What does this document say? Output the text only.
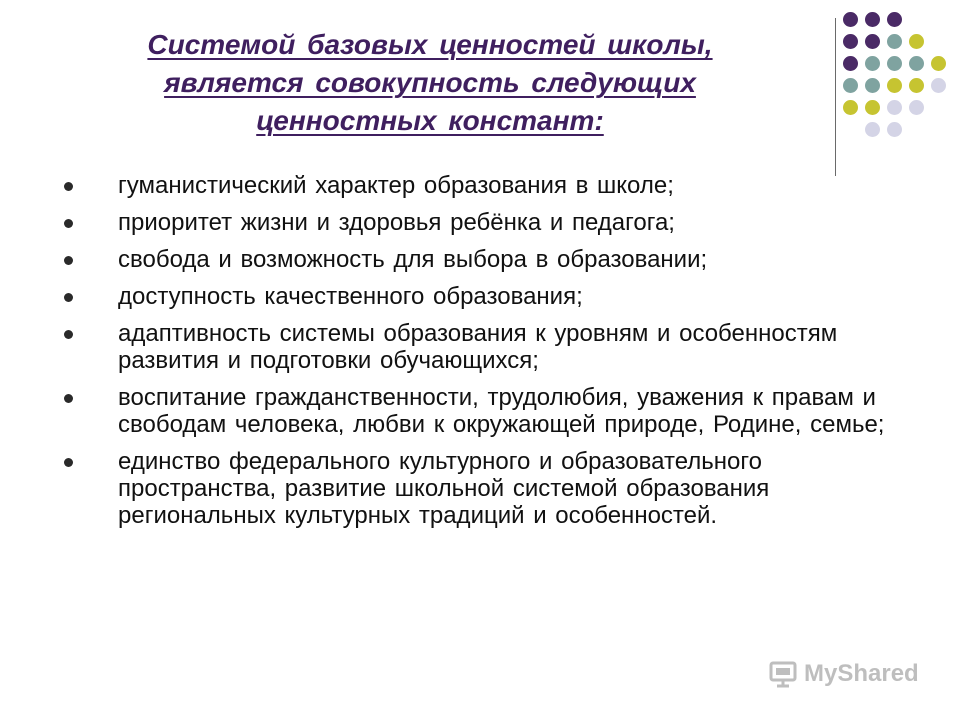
Системой базовых ценностей школы,
является совокупность следующих
ценностных констант:
гуманистический характер образования в школе;
приоритет жизни и здоровья ребёнка и педагога;
свобода и возможность для выбора в образовании;
доступность качественного образования;
адаптивность системы образования к уровням и особенностям развития и подготовки обучающихся;
воспитание гражданственности, трудолюбия, уважения к правам и свободам человека, любви к окружающей природе, Родине, семье;
единство федерального культурного и образовательного пространства, развитие школьной системой образования региональных культурных традиций и особенностей.
MyShared
